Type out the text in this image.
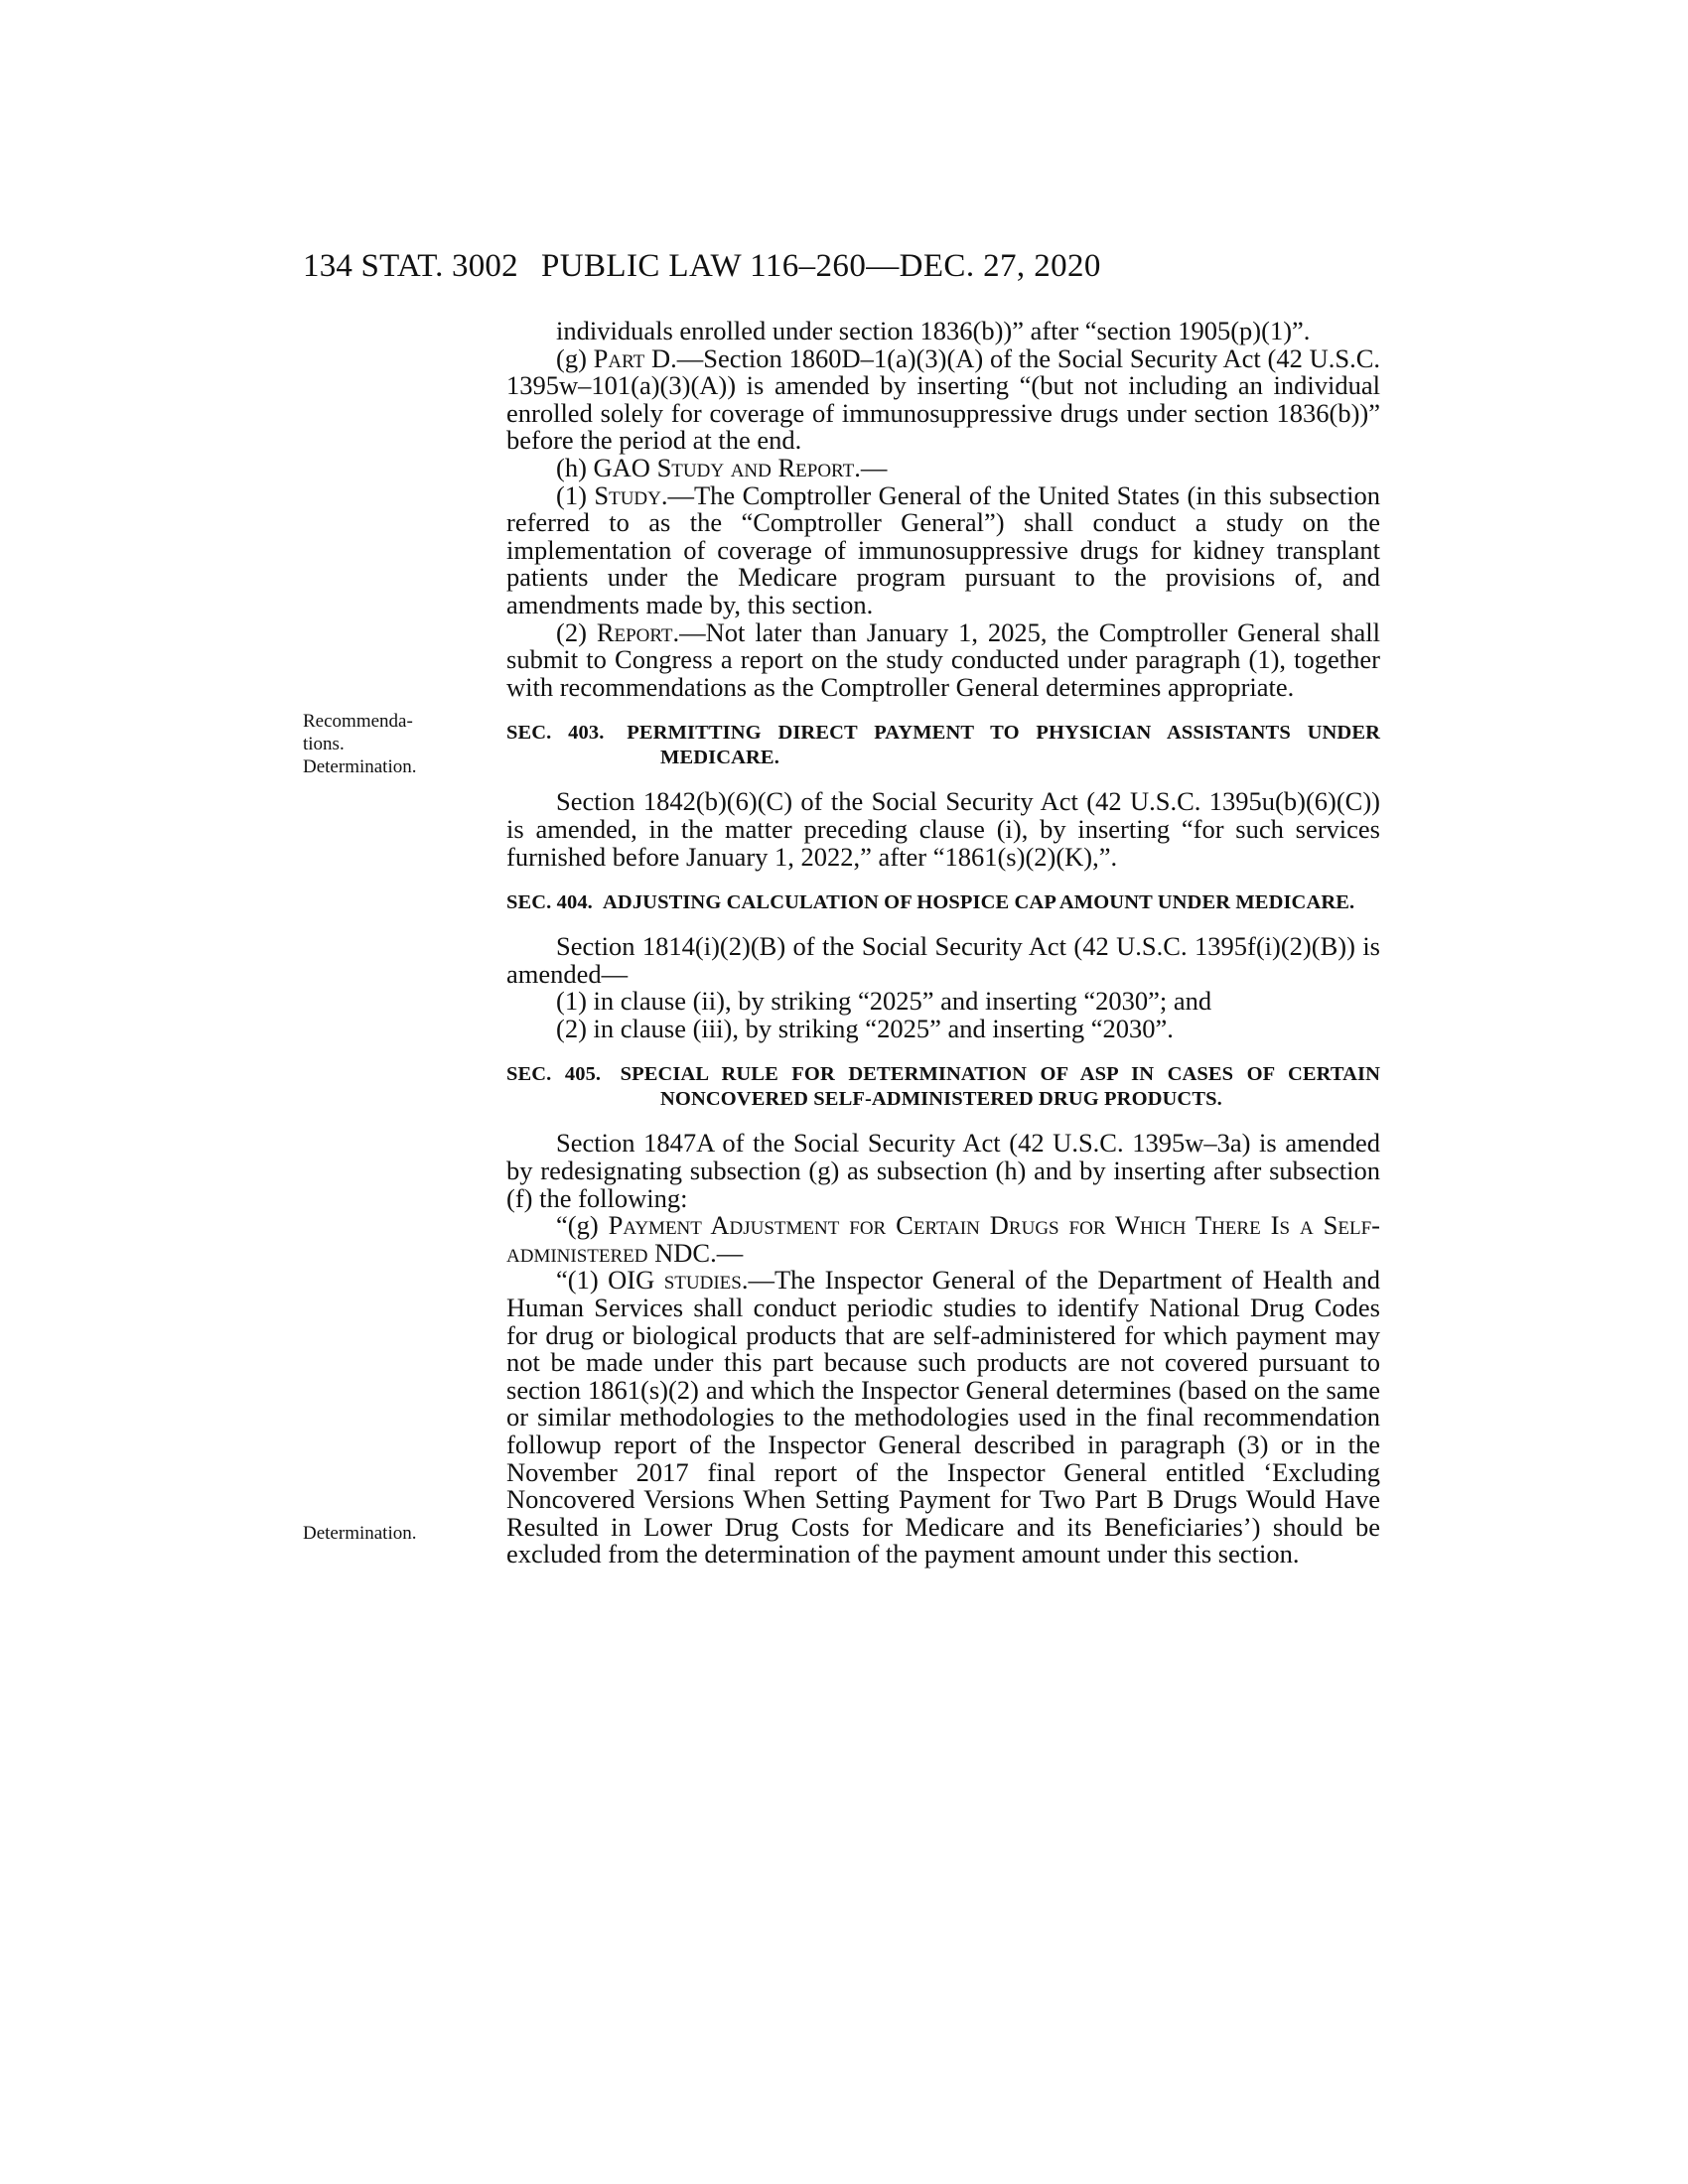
134 STAT. 3002 PUBLIC LAW 116–260—DEC. 27, 2020
Recommenda-
tions.
Determination.
Determination.

individuals enrolled under section 1836(b))” after “section 1905(p)(1)”.

(g) Part D.—Section 1860D–1(a)(3)(A) of the Social Security Act (42 U.S.C. 1395w–101(a)(3)(A)) is amended by inserting “(but not including an individual enrolled solely for coverage of immunosuppressive drugs under section 1836(b))” before the period at the end.

(h) GAO Study and Report.—

(1) Study.—The Comptroller General of the United States (in this subsection referred to as the “Comptroller General”) shall conduct a study on the implementation of coverage of immunosuppressive drugs for kidney transplant patients under the Medicare program pursuant to the provisions of, and amendments made by, this section.

(2) Report.—Not later than January 1, 2025, the Comptroller General shall submit to Congress a report on the study conducted under paragraph (1), together with recommendations as the Comptroller General determines appropriate.

SEC. 403. PERMITTING DIRECT PAYMENT TO PHYSICIAN ASSISTANTS UNDER MEDICARE.

Section 1842(b)(6)(C) of the Social Security Act (42 U.S.C. 1395u(b)(6)(C)) is amended, in the matter preceding clause (i), by inserting “for such services furnished before January 1, 2022,” after “1861(s)(2)(K),”.

SEC. 404. ADJUSTING CALCULATION OF HOSPICE CAP AMOUNT UNDER MEDICARE.

Section 1814(i)(2)(B) of the Social Security Act (42 U.S.C. 1395f(i)(2)(B)) is amended—

(1) in clause (ii), by striking “2025” and inserting “2030”; and

(2) in clause (iii), by striking “2025” and inserting “2030”.

SEC. 405. SPECIAL RULE FOR DETERMINATION OF ASP IN CASES OF CERTAIN NONCOVERED SELF-ADMINISTERED DRUG PRODUCTS.

Section 1847A of the Social Security Act (42 U.S.C. 1395w–3a) is amended by redesignating subsection (g) as subsection (h) and by inserting after subsection (f) the following:

“(g) Payment Adjustment for Certain Drugs for Which There Is a Self-administered NDC.—

“(1) OIG studies.—The Inspector General of the Department of Health and Human Services shall conduct periodic studies to identify National Drug Codes for drug or biological products that are self-administered for which payment may not be made under this part because such products are not covered pursuant to section 1861(s)(2) and which the Inspector General determines (based on the same or similar methodologies to the methodologies used in the final recommendation followup report of the Inspector General described in paragraph (3) or in the November 2017 final report of the Inspector General entitled ‘Excluding Noncovered Versions When Setting Payment for Two Part B Drugs Would Have Resulted in Lower Drug Costs for Medicare and its Beneficiaries’) should be excluded from the determination of the payment amount under this section.
